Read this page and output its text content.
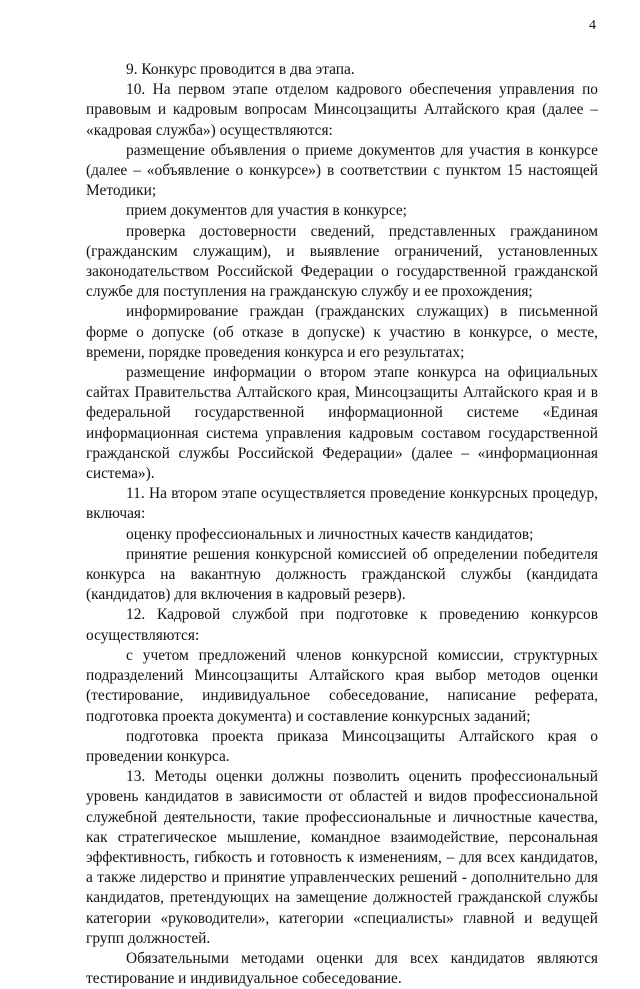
4

9. Конкурс проводится в два этапа.

10. На первом этапе отделом кадрового обеспечения управления по правовым и кадровым вопросам Минсоцзащиты Алтайского края (далее – «кадровая служба») осуществляются:

размещение объявления о приеме документов для участия в конкурсе (далее – «объявление о конкурсе») в соответствии с пунктом 15 настоящей Методики;

прием документов для участия в конкурсе;

проверка достоверности сведений, представленных гражданином (гражданским служащим), и выявление ограничений, установленных законодательством Российской Федерации о государственной гражданской службе для поступления на гражданскую службу и ее прохождения;

информирование граждан (гражданских служащих) в письменной форме о допуске (об отказе в допуске) к участию в конкурсе, о месте, времени, порядке проведения конкурса и его результатах;

размещение информации о втором этапе конкурса на официальных сайтах Правительства Алтайского края, Минсоцзащиты Алтайского края и в федеральной государственной информационной системе «Единая информационная система управления кадровым составом государственной гражданской службы Российской Федерации» (далее – «информационная система»).

11. На втором этапе осуществляется проведение конкурсных процедур, включая:

оценку профессиональных и личностных качеств кандидатов;

принятие решения конкурсной комиссией об определении победителя конкурса на вакантную должность гражданской службы (кандидата (кандидатов) для включения в кадровый резерв).

12. Кадровой службой при подготовке к проведению конкурсов осуществляются:

с учетом предложений членов конкурсной комиссии, структурных подразделений Минсоцзащиты Алтайского края выбор методов оценки (тестирование, индивидуальное собеседование, написание реферата, подготовка проекта документа) и составление конкурсных заданий;

подготовка проекта приказа Минсоцзащиты Алтайского края о проведении конкурса.

13. Методы оценки должны позволить оценить профессиональный уровень кандидатов в зависимости от областей и видов профессиональной служебной деятельности, такие профессиональные и личностные качества, как стратегическое мышление, командное взаимодействие, персональная эффективность, гибкость и готовность к изменениям, – для всех кандидатов, а также лидерство и принятие управленческих решений - дополнительно для кандидатов, претендующих на замещение должностей гражданской службы категории «руководители», категории «специалисты» главной и ведущей групп должностей.

Обязательными методами оценки для всех кандидатов являются тестирование и индивидуальное собеседование.
